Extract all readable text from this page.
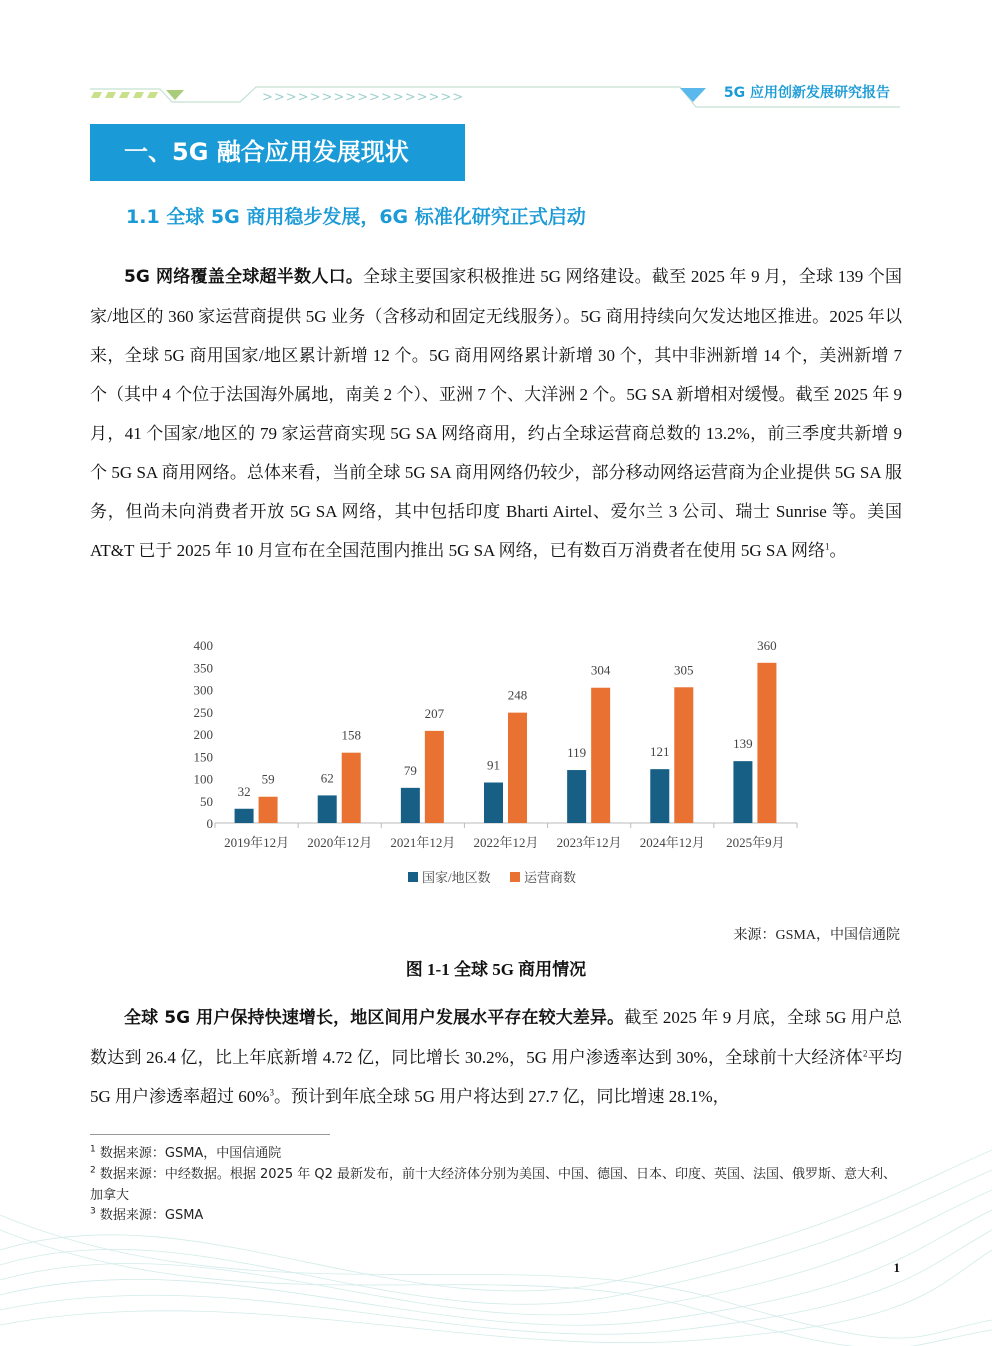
>>>>>>>>>>>>>>>>>	5G 应用创新发展研究报告
一、5G 融合应用发展现状
1.1 全球 5G 商用稳步发展，6G 标准化研究正式启动

5G 网络覆盖全球超半数人口。全球主要国家积极推进 5G 网络建设。截至 2025 年 9 月，全球 139 个国家/地区的 360 家运营商提供 5G 业务（含移动和固定无线服务）。5G 商用持续向欠发达地区推进。2025 年以来，全球 5G 商用国家/地区累计新增 12 个。5G 商用网络累计新增 30 个，其中非洲新增 14 个，美洲新增 7 个（其中 4 个位于法国海外属地，南美 2 个）、亚洲 7 个、大洋洲 2 个。5G SA 新增相对缓慢。截至 2025 年 9 月，41 个国家/地区的 79 家运营商实现 5G SA 网络商用，约占全球运营商总数的 13.2%，前三季度共新增 9 个 5G SA 商用网络。总体来看，当前全球 5G SA 商用网络仍较少，部分移动网络运营商为企业提供 5G SA 服务，但尚未向消费者开放 5G SA 网络，其中包括印度 Bharti Airtel、爱尔兰 3 公司、瑞士 Sunrise 等。美国 AT&T 已于 2025 年 10 月宣布在全国范围内推出 5G SA 网络，已有数百万消费者在使用 5G SA 网络$^1$。

0
50
100
150
200
250
300
350
400
2019年12月
32
59
2020年12月
62
158
2021年12月
79
207
2022年12月
91
248
2023年12月
119
304
2024年12月
121
305
2025年9月
139
360
国家/地区数	运营商数
来源：GSMA，中国信通院
图 1-1 全球 5G 商用情况

全球 5G 用户保持快速增长，地区间用户发展水平存在较大差异。截至 2025 年 9 月底，全球 5G 用户总数达到 26.4 亿，比上年底新增 4.72 亿，同比增长 30.2%，5G 用户渗透率达到 30%，全球前十大经济体$^2$平均 5G 用户渗透率超过 60%$^3$。预计到年底全球 5G 用户将达到 27.7 亿，同比增速 28.1%，

$^1$ 数据来源：GSMA，中国信通院
$^2$ 数据来源：中经数据。根据 2025 年 Q2 最新发布，前十大经济体分别为美国、中国、德国、日本、印度、英国、法国、俄罗斯、意大利、加拿大
$^3$ 数据来源：GSMA
1
